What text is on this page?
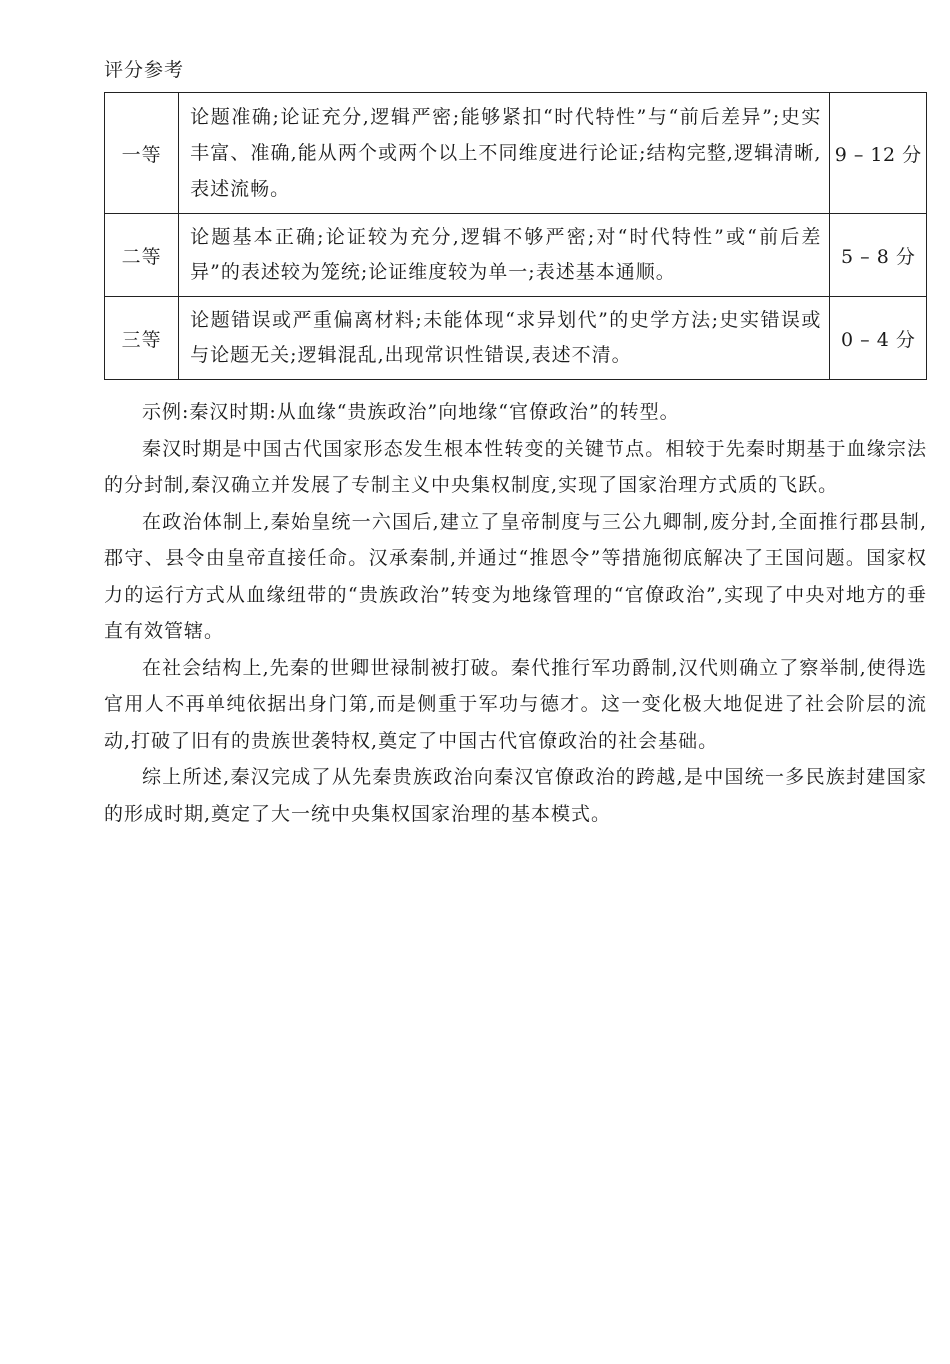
评分参考
一等	论题准确;论证充分,逻辑严密;能够紧扣“时代特性”与“前后差异”;史实丰富、准确,能从两个或两个以上不同维度进行论证;结构完整,逻辑清晰,表述流畅。	9 – 12 分
二等	论题基本正确;论证较为充分,逻辑不够严密;对“时代特性”或“前后差异”的表述较为笼统;论证维度较为单一;表述基本通顺。	5 – 8 分
三等	论题错误或严重偏离材料;未能体现“求异划代”的史学方法;史实错误或与论题无关;逻辑混乱,出现常识性错误,表述不清。	0 – 4 分

示例:秦汉时期:从血缘“贵族政治”向地缘“官僚政治”的转型。

秦汉时期是中国古代国家形态发生根本性转变的关键节点。相较于先秦时期基于血缘宗法的分封制,秦汉确立并发展了专制主义中央集权制度,实现了国家治理方式质的飞跃。

在政治体制上,秦始皇统一六国后,建立了皇帝制度与三公九卿制,废分封,全面推行郡县制,郡守、县令由皇帝直接任命。汉承秦制,并通过“推恩令”等措施彻底解决了王国问题。国家权力的运行方式从血缘纽带的“贵族政治”转变为地缘管理的“官僚政治”,实现了中央对地方的垂直有效管辖。

在社会结构上,先秦的世卿世禄制被打破。秦代推行军功爵制,汉代则确立了察举制,使得选官用人不再单纯依据出身门第,而是侧重于军功与德才。这一变化极大地促进了社会阶层的流动,打破了旧有的贵族世袭特权,奠定了中国古代官僚政治的社会基础。

综上所述,秦汉完成了从先秦贵族政治向秦汉官僚政治的跨越,是中国统一多民族封建国家的形成时期,奠定了大一统中央集权国家治理的基本模式。
